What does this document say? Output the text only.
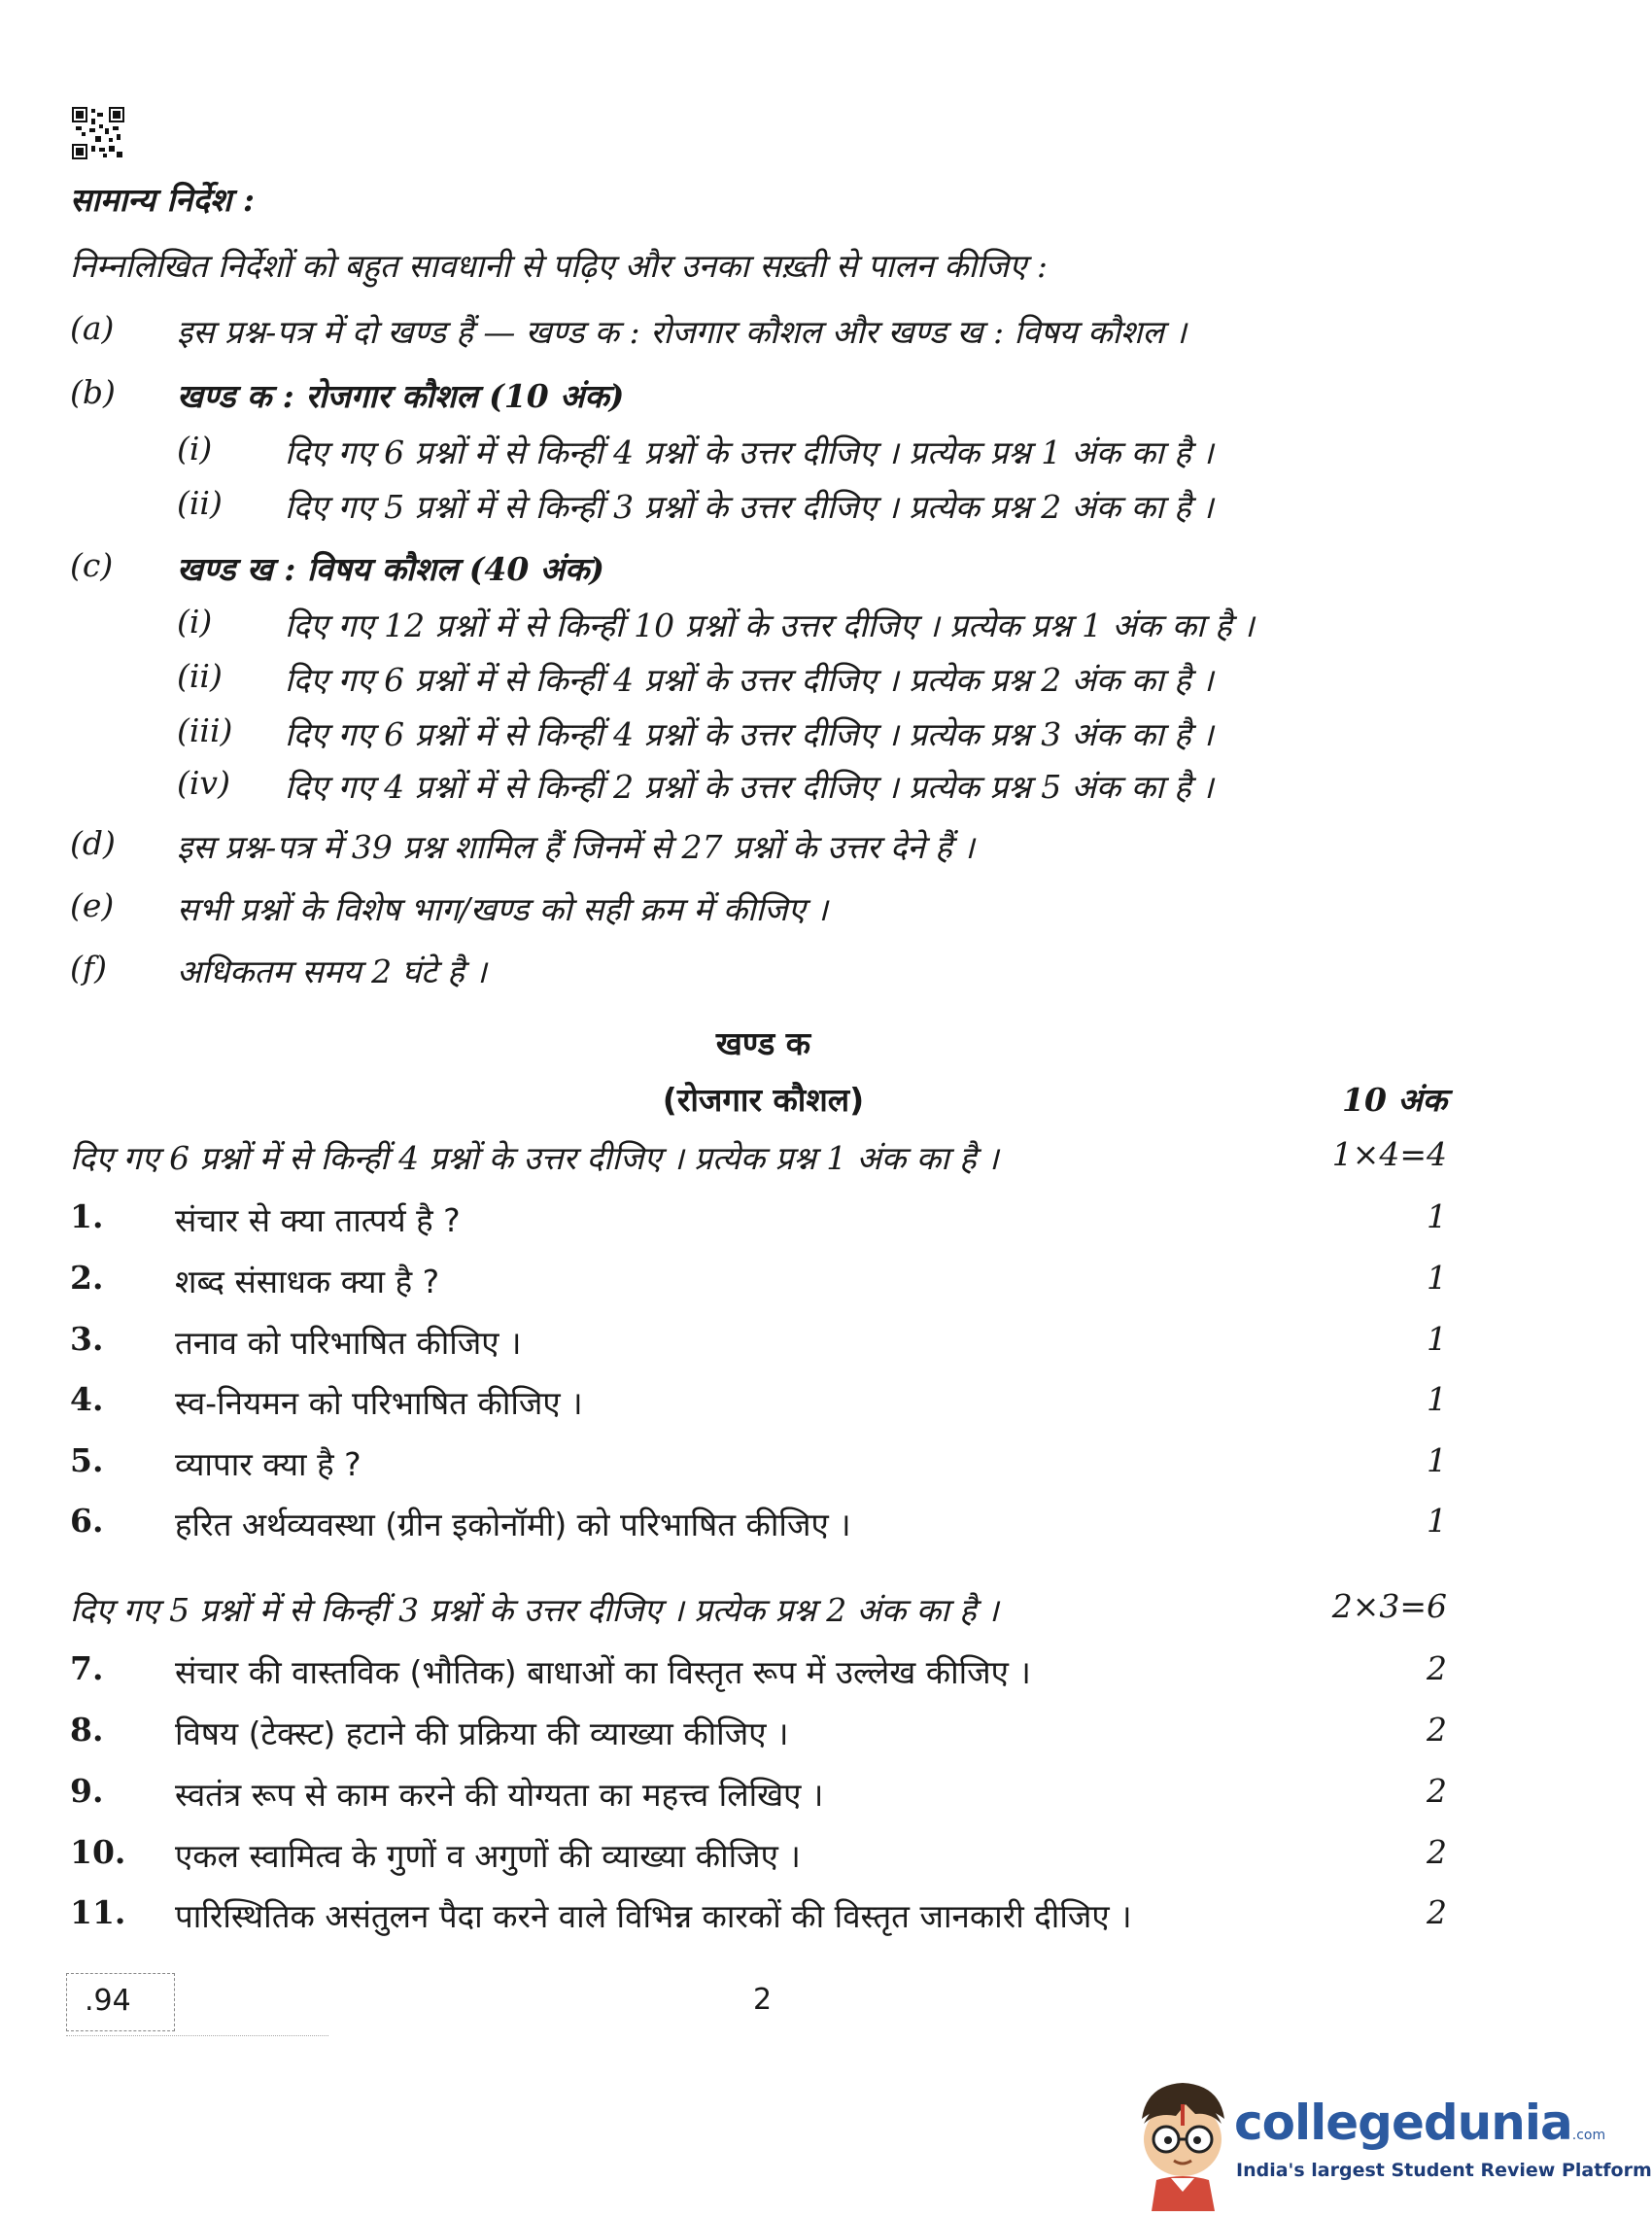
सामान्य निर्देश :
निम्नलिखित निर्देशों को बहुत सावधानी से पढ़िए और उनका सख़्ती से पालन कीजिए :
(a) इस प्रश्न-पत्र में दो खण्ड हैं — खण्ड क : रोजगार कौशल और खण्ड ख : विषय कौशल ।
(b) खण्ड क : रोजगार कौशल (10 अंक)
(i) दिए गए 6 प्रश्नों में से किन्हीं 4 प्रश्नों के उत्तर दीजिए । प्रत्येक प्रश्न 1 अंक का है ।
(ii) दिए गए 5 प्रश्नों में से किन्हीं 3 प्रश्नों के उत्तर दीजिए । प्रत्येक प्रश्न 2 अंक का है ।
(c) खण्ड ख : विषय कौशल (40 अंक)
(i) दिए गए 12 प्रश्नों में से किन्हीं 10 प्रश्नों के उत्तर दीजिए । प्रत्येक प्रश्न 1 अंक का है ।
(ii) दिए गए 6 प्रश्नों में से किन्हीं 4 प्रश्नों के उत्तर दीजिए । प्रत्येक प्रश्न 2 अंक का है ।
(iii) दिए गए 6 प्रश्नों में से किन्हीं 4 प्रश्नों के उत्तर दीजिए । प्रत्येक प्रश्न 3 अंक का है ।
(iv) दिए गए 4 प्रश्नों में से किन्हीं 2 प्रश्नों के उत्तर दीजिए । प्रत्येक प्रश्न 5 अंक का है ।
(d) इस प्रश्न-पत्र में 39 प्रश्न शामिल हैं जिनमें से 27 प्रश्नों के उत्तर देने हैं ।
(e) सभी प्रश्नों के विशेष भाग/खण्ड को सही क्रम में कीजिए ।
(f) अधिकतम समय 2 घंटे है ।
खण्ड क
(रोजगार कौशल)	10 अंक
दिए गए 6 प्रश्नों में से किन्हीं 4 प्रश्नों के उत्तर दीजिए । प्रत्येक प्रश्न 1 अंक का है ।	1×4=4
1. संचार से क्या तात्पर्य है ?	1
2. शब्द संसाधक क्या है ?	1
3. तनाव को परिभाषित कीजिए ।	1
4. स्व-नियमन को परिभाषित कीजिए ।	1
5. व्यापार क्या है ?	1
6. हरित अर्थव्यवस्था (ग्रीन इकोनॉमी) को परिभाषित कीजिए ।	1
दिए गए 5 प्रश्नों में से किन्हीं 3 प्रश्नों के उत्तर दीजिए । प्रत्येक प्रश्न 2 अंक का है ।	2×3=6
7. संचार की वास्तविक (भौतिक) बाधाओं का विस्तृत रूप में उल्लेख कीजिए ।	2
8. विषय (टेक्स्ट) हटाने की प्रक्रिया की व्याख्या कीजिए ।	2
9. स्वतंत्र रूप से काम करने की योग्यता का महत्त्व लिखिए ।	2
10. एकल स्वामित्व के गुणों व अगुणों की व्याख्या कीजिए ।	2
11. पारिस्थितिक असंतुलन पैदा करने वाले विभिन्न कारकों की विस्तृत जानकारी दीजिए ।	2
.94	2
collegedunia.com
India's largest Student Review Platform
